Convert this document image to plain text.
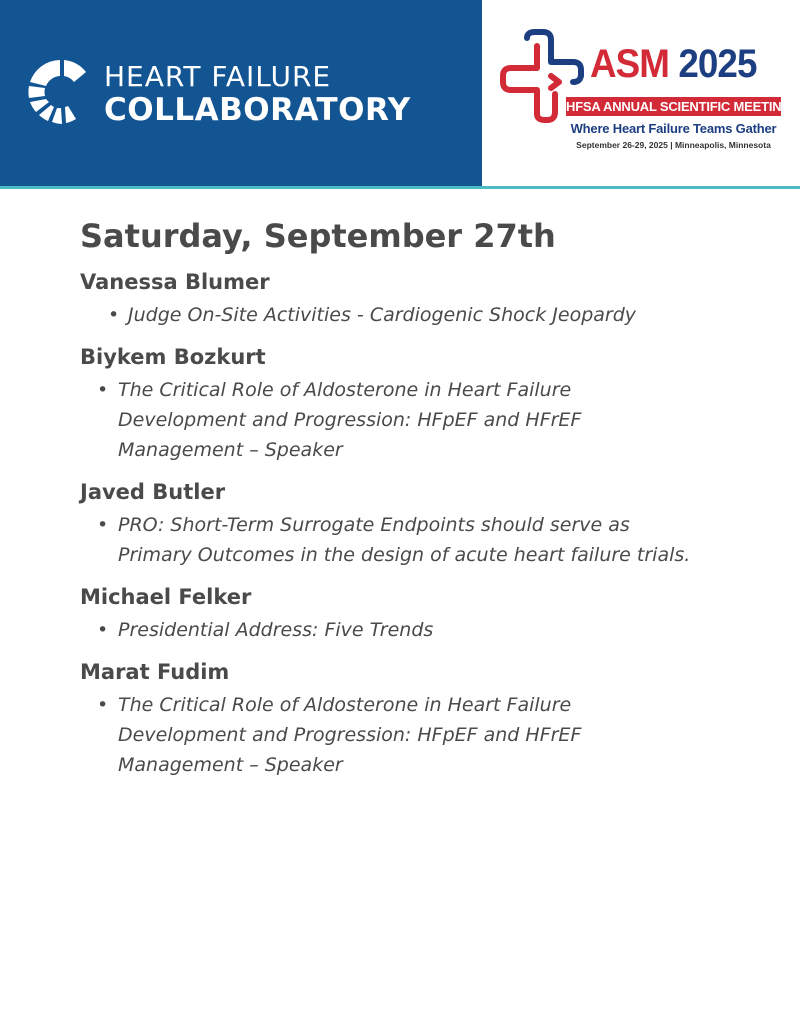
HEART FAILURE
COLLABORATORY
ASM 2025
HFSA ANNUAL SCIENTIFIC MEETING
Where Heart Failure Teams Gather
September 26-29, 2025 | Minneapolis, Minnesota
Saturday, September 27th
Vanessa Blumer
• Judge On-Site Activities - Cardiogenic Shock Jeopardy
Biykem Bozkurt
• The Critical Role of Aldosterone in Heart Failure Development and Progression: HFpEF and HFrEF Management – Speaker
Javed Butler
• PRO: Short-Term Surrogate Endpoints should serve as Primary Outcomes in the design of acute heart failure trials.
Michael Felker
• Presidential Address: Five Trends
Marat Fudim
• The Critical Role of Aldosterone in Heart Failure Development and Progression: HFpEF and HFrEF Management – Speaker
